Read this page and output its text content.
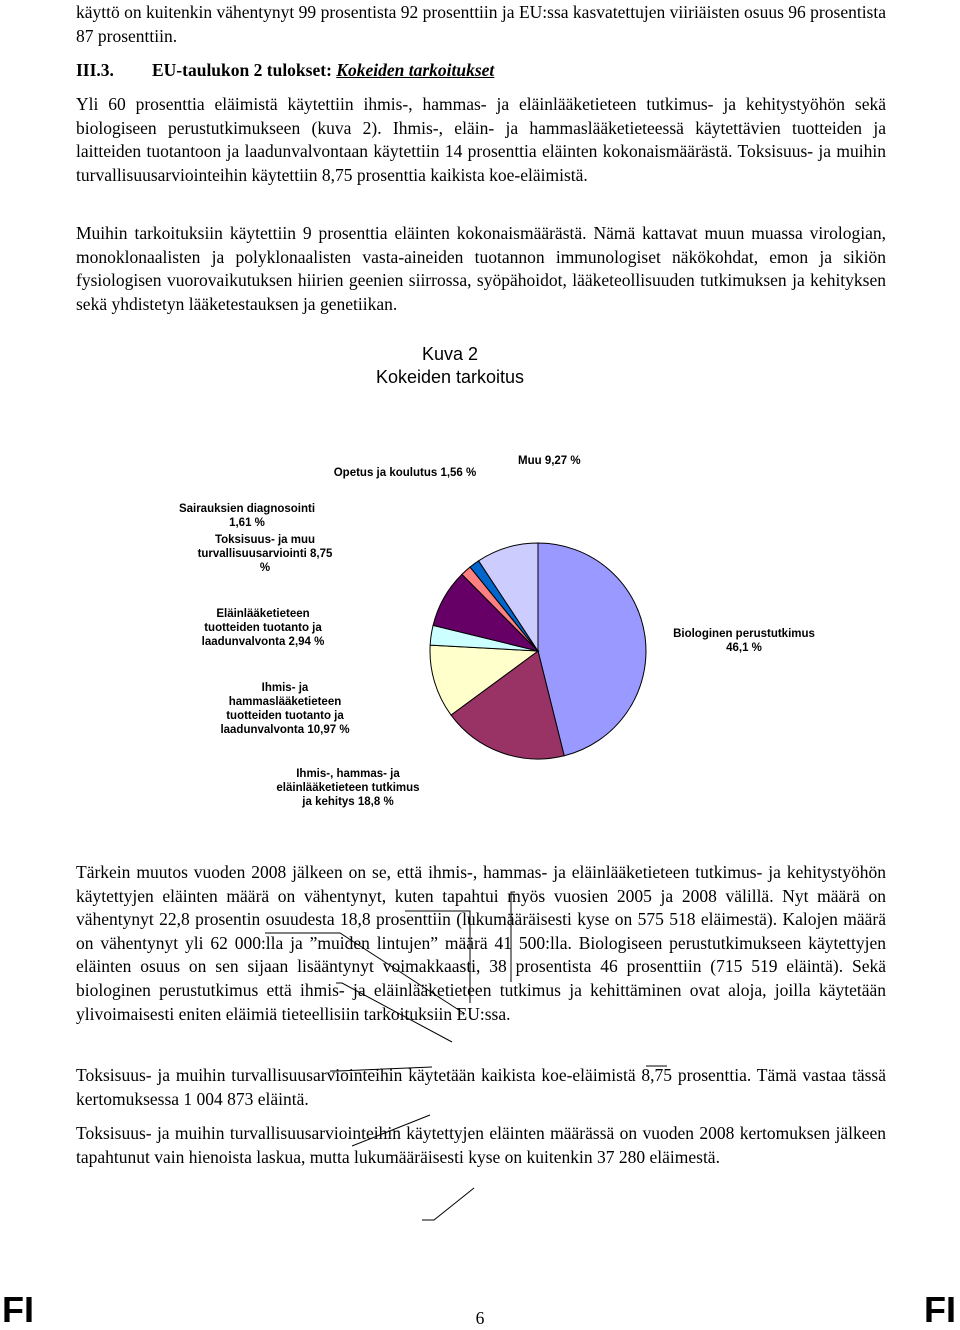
käyttö on kuitenkin vähentynyt 99 prosentista 92 prosenttiin ja EU:ssa kasvatettujen viiriäisten osuus 96 prosentista 87 prosenttiin.

III.3. EU-taulukon 2 tulokset: Kokeiden tarkoitukset

Yli 60 prosenttia eläimistä käytettiin ihmis-, hammas- ja eläinlääketieteen tutkimus- ja kehitystyöhön sekä biologiseen perustutkimukseen (kuva 2). Ihmis-, eläin- ja hammaslääketieteessä käytettävien tuotteiden ja laitteiden tuotantoon ja laadunvalvontaan käytettiin 14 prosenttia eläinten kokonaismäärästä. Toksisuus- ja muihin turvallisuusarviointeihin käytettiin 8,75 prosenttia kaikista koe-eläimistä.

Muihin tarkoituksiin käytettiin 9 prosenttia eläinten kokonaismäärästä. Nämä kattavat muun muassa virologian, monoklonaalisten ja polyklonaalisten vasta-aineiden tuotannon immunologiset näkökohdat, emon ja sikiön fysiologisen vuorovaikutuksen hiirien geenien siirrossa, syöpähoidot, lääketeollisuuden tutkimuksen ja kehityksen sekä yhdistetyn lääketestauksen ja genetiikan.

Kuva 2
Kokeiden tarkoitus
Opetus ja koulutus 1,56 %
Muu 9,27 %
Sairauksien diagnosointi
1,61 %
Toksisuus- ja muu
turvallisuusarviointi 8,75
%
Eläinlääketieteen
tuotteiden tuotanto ja
laadunvalvonta 2,94 %
Ihmis- ja
hammaslääketieteen
tuotteiden tuotanto ja
laadunvalvonta 10,97 %
Ihmis-, hammas- ja
eläinlääketieteen tutkimus
ja kehitys 18,8 %
Biologinen perustutkimus
46,1 %

Tärkein muutos vuoden 2008 jälkeen on se, että ihmis-, hammas- ja eläinlääketieteen tutkimus- ja kehitystyöhön käytettyjen eläinten määrä on vähentynyt, kuten tapahtui myös vuosien 2005 ja 2008 välillä. Nyt määrä on vähentynyt 22,8 prosentin osuudesta 18,8 prosenttiin (lukumääräisesti kyse on 575 518 eläimestä). Kalojen määrä on vähentynyt yli 62 000:lla ja ”muiden lintujen” määrä 41 500:lla. Biologiseen perustutkimukseen käytettyjen eläinten osuus on sen sijaan lisääntynyt voimakkaasti, 38 prosentista 46 prosenttiin (715 519 eläintä). Sekä biologinen perustutkimus että ihmis- ja eläinlääketieteen tutkimus ja kehittäminen ovat aloja, joilla käytetään ylivoimaisesti eniten eläimiä tieteellisiin tarkoituksiin EU:ssa.

Toksisuus- ja muihin turvallisuusarviointeihin käytetään kaikista koe-eläimistä 8,75 prosenttia. Tämä vastaa tässä kertomuksessa 1 004 873 eläintä.

Toksisuus- ja muihin turvallisuusarviointeihin käytettyjen eläinten määrässä on vuoden 2008 kertomuksen jälkeen tapahtunut vain hienoista laskua, mutta lukumääräisesti kyse on kuitenkin 37 280 eläimestä.

FI	6	FI
